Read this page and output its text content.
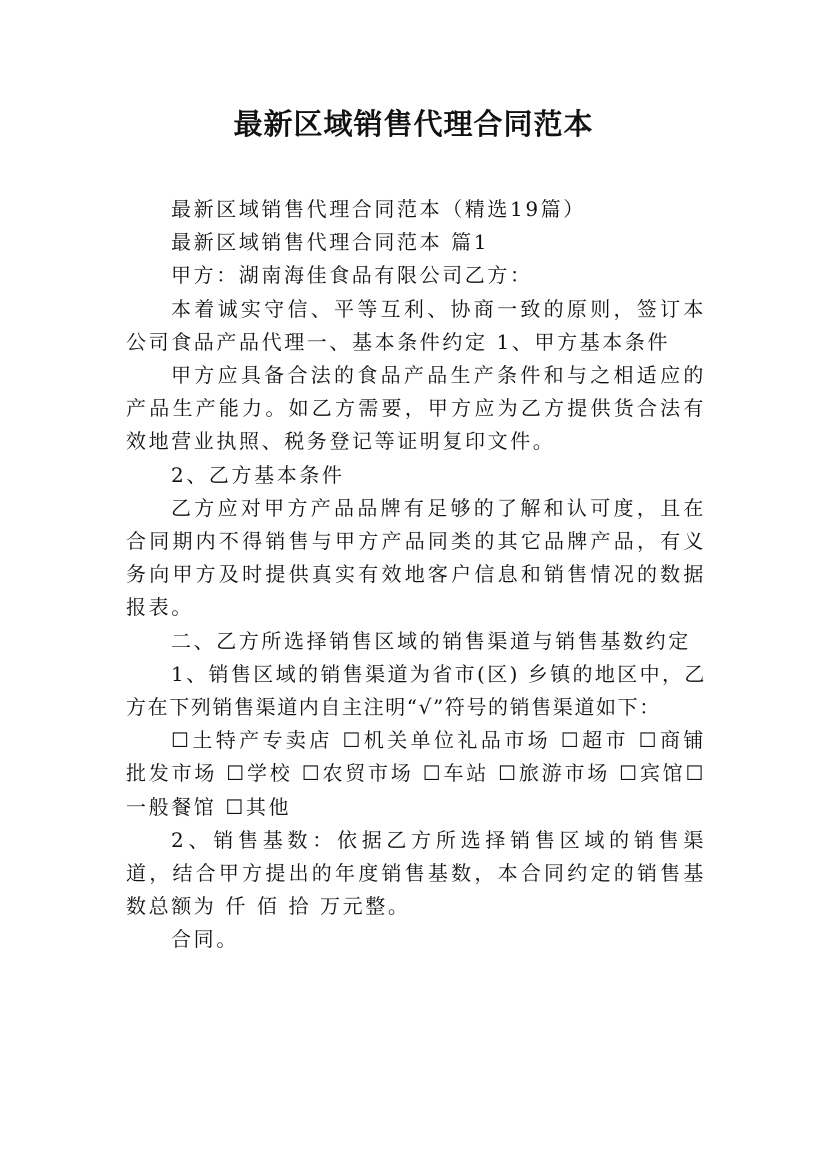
最新区域销售代理合同范本

最新区域销售代理合同范本（精选19篇）

最新区域销售代理合同范本 篇1

甲方：湖南海佳食品有限公司乙方：

本着诚实守信、平等互利、协商一致的原则，签订本公司食品产品代理一、基本条件约定 1、甲方基本条件

甲方应具备合法的食品产品生产条件和与之相适应的产品生产能力。如乙方需要，甲方应为乙方提供货合法有效地营业执照、税务登记等证明复印文件。

2、乙方基本条件

乙方应对甲方产品品牌有足够的了解和认可度，且在合同期内不得销售与甲方产品同类的其它品牌产品，有义务向甲方及时提供真实有效地客户信息和销售情况的数据报表。

二、乙方所选择销售区域的销售渠道与销售基数约定

1、销售区域的销售渠道为省市(区) 乡镇的地区中，乙方在下列销售渠道内自主注明“√”符号的销售渠道如下：

☐土特产专卖店 ☐机关单位礼品市场 ☐超市 ☐商铺批发市场 ☐学校 ☐农贸市场 ☐车站 ☐旅游市场 ☐宾馆☐一般餐馆 ☐其他

2、销售基数：依据乙方所选择销售区域的销售渠道，结合甲方提出的年度销售基数，本合同约定的销售基数总额为 仟 佰 拾 万元整。

合同。
